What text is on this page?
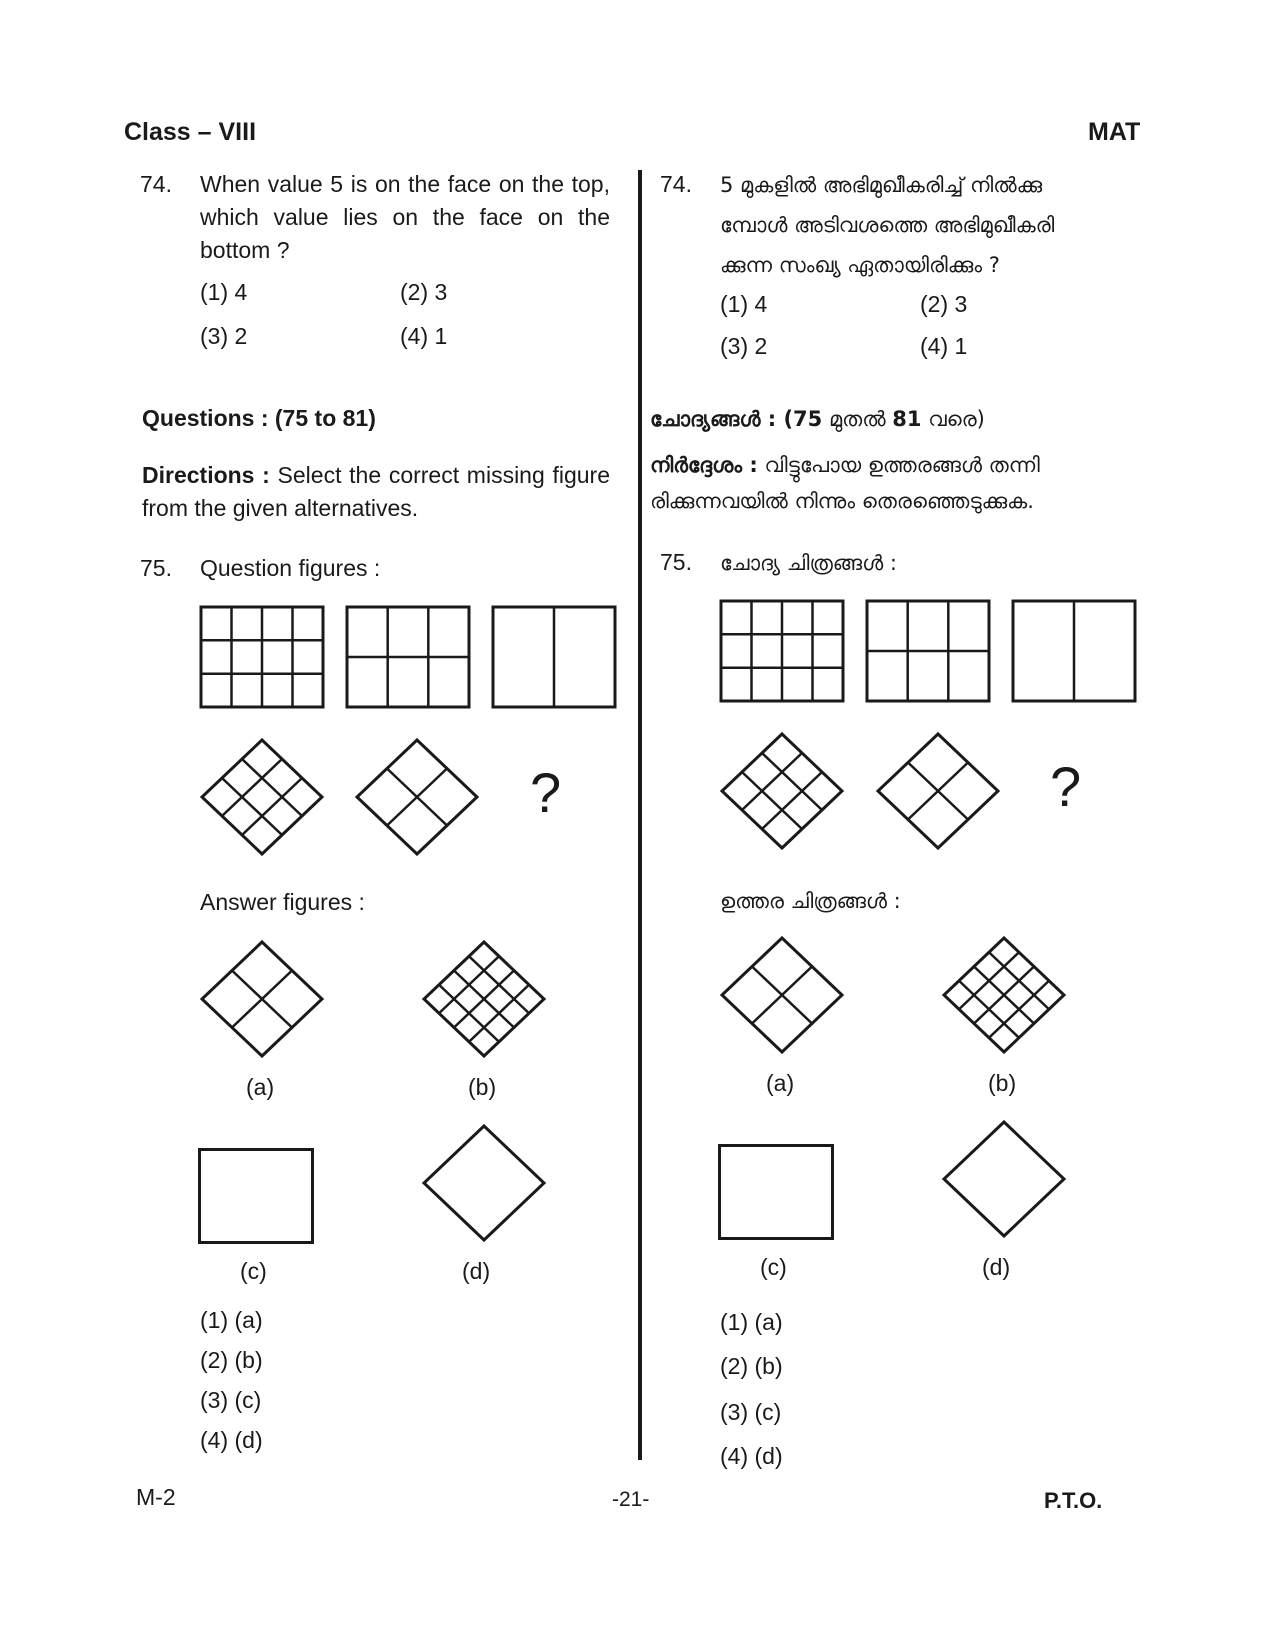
Class – VIII	MAT
74. When value 5 is on the face on the top, which value lies on the face on the bottom ?
(1) 4	(2) 3
(3) 2	(4) 1
Questions : (75 to 81)
Directions : Select the correct missing figure from the given alternatives.
75. Question figures :
?
Answer figures :
(a)	(b)
(c)	(d)
(1) (a)
(2) (b)
(3) (c)
(4) (d)
74. 5 മുകളിൽ അഭിമുഖീകരിച്ച് നിൽക്കു
മ്പോൾ അടിവശത്തെ അഭിമുഖീകരി
ക്കുന്ന സംഖ്യ ഏതായിരിക്കും ?
(1) 4	(2) 3
(3) 2	(4) 1
ചോദ്യങ്ങൾ : (75 മുതൽ 81 വരെ)
നിർദ്ദേശം : വിട്ടുപോയ ഉത്തരങ്ങൾ തന്നി
രിക്കുന്നവയിൽ നിന്നും തെരഞ്ഞെടുക്കുക.
75. ചോദ്യ ചിത്രങ്ങൾ :
?
ഉത്തര ചിത്രങ്ങൾ :
(a)	(b)
(c)	(d)
(1) (a)
(2) (b)
(3) (c)
(4) (d)
M-2	-21-	P.T.O.
